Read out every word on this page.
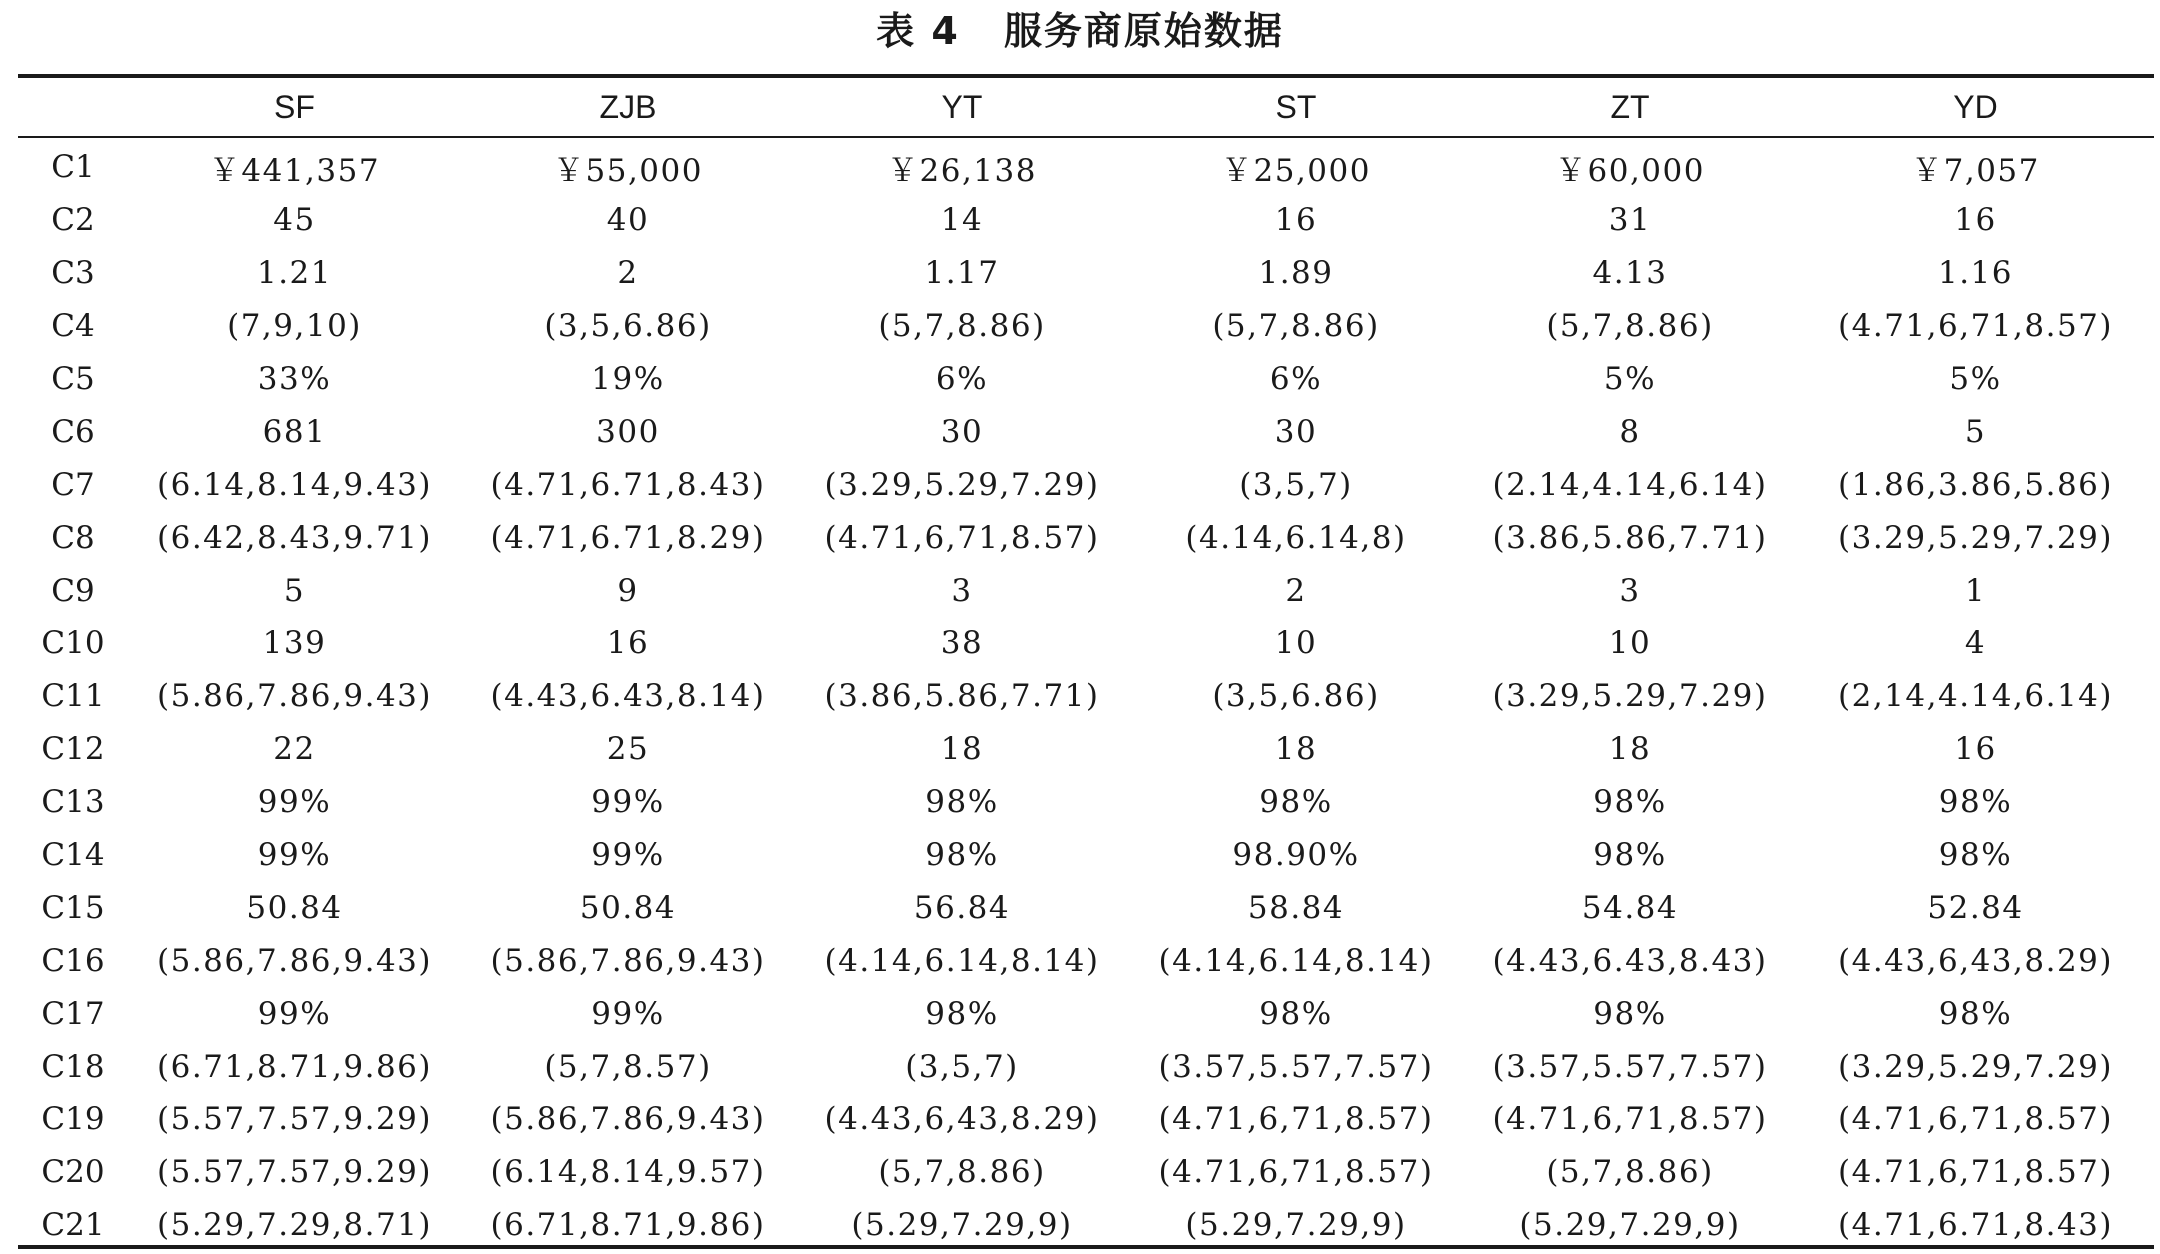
表 4 服务商原始数据
SF	ZJB	YT	ST	ZT	YD
C1	￥441,357	￥55,000	￥26,138	￥25,000	￥60,000	￥7,057
C2	45	40	14	16	31	16
C3	1.21	2	1.17	1.89	4.13	1.16
C4	(7,9,10)	(3,5,6.86)	(5,7,8.86)	(5,7,8.86)	(5,7,8.86)	(4.71,6,71,8.57)
C5	33%	19%	6%	6%	5%	5%
C6	681	300	30	30	8	5
C7	(6.14,8.14,9.43)	(4.71,6.71,8.43)	(3.29,5.29,7.29)	(3,5,7)	(2.14,4.14,6.14)	(1.86,3.86,5.86)
C8	(6.42,8.43,9.71)	(4.71,6.71,8.29)	(4.71,6,71,8.57)	(4.14,6.14,8)	(3.86,5.86,7.71)	(3.29,5.29,7.29)
C9	5	9	3	2	3	1
C10	139	16	38	10	10	4
C11	(5.86,7.86,9.43)	(4.43,6.43,8.14)	(3.86,5.86,7.71)	(3,5,6.86)	(3.29,5.29,7.29)	(2,14,4.14,6.14)
C12	22	25	18	18	18	16
C13	99%	99%	98%	98%	98%	98%
C14	99%	99%	98%	98.90%	98%	98%
C15	50.84	50.84	56.84	58.84	54.84	52.84
C16	(5.86,7.86,9.43)	(5.86,7.86,9.43)	(4.14,6.14,8.14)	(4.14,6.14,8.14)	(4.43,6.43,8.43)	(4.43,6,43,8.29)
C17	99%	99%	98%	98%	98%	98%
C18	(6.71,8.71,9.86)	(5,7,8.57)	(3,5,7)	(3.57,5.57,7.57)	(3.57,5.57,7.57)	(3.29,5.29,7.29)
C19	(5.57,7.57,9.29)	(5.86,7.86,9.43)	(4.43,6,43,8.29)	(4.71,6,71,8.57)	(4.71,6,71,8.57)	(4.71,6,71,8.57)
C20	(5.57,7.57,9.29)	(6.14,8.14,9.57)	(5,7,8.86)	(4.71,6,71,8.57)	(5,7,8.86)	(4.71,6,71,8.57)
C21	(5.29,7.29,8.71)	(6.71,8.71,9.86)	(5.29,7.29,9)	(5.29,7.29,9)	(5.29,7.29,9)	(4.71,6.71,8.43)
